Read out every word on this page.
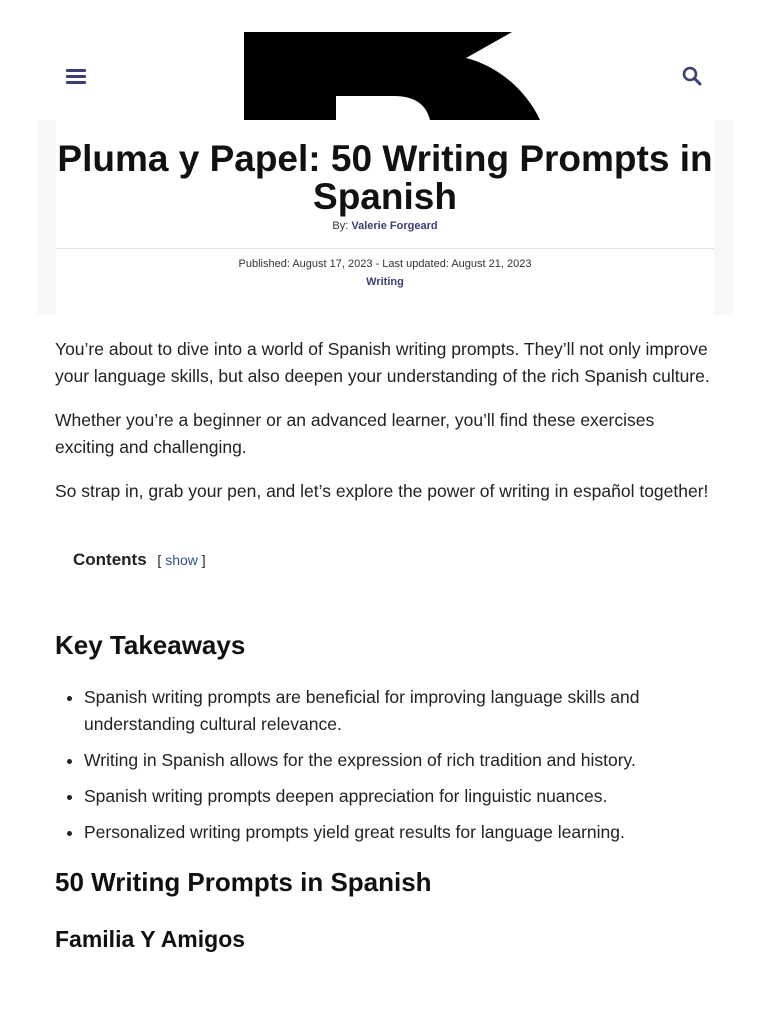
Pluma y Papel: 50 Writing Prompts in Spanish
By: Valerie Forgeard
Published: August 17, 2023 - Last updated: August 21, 2023
Writing

You’re about to dive into a world of Spanish writing prompts. They’ll not only improve your language skills, but also deepen your understanding of the rich Spanish culture.

Whether you’re a beginner or an advanced learner, you’ll find these exercises exciting and challenging.

So strap in, grab your pen, and let’s explore the power of writing in español together!

Contents [ show ]
Key Takeaways
• Spanish writing prompts are beneficial for improving language skills and understanding cultural relevance.
• Writing in Spanish allows for the expression of rich tradition and history.
• Spanish writing prompts deepen appreciation for linguistic nuances.
• Personalized writing prompts yield great results for language learning.
50 Writing Prompts in Spanish
Familia Y Amigos
